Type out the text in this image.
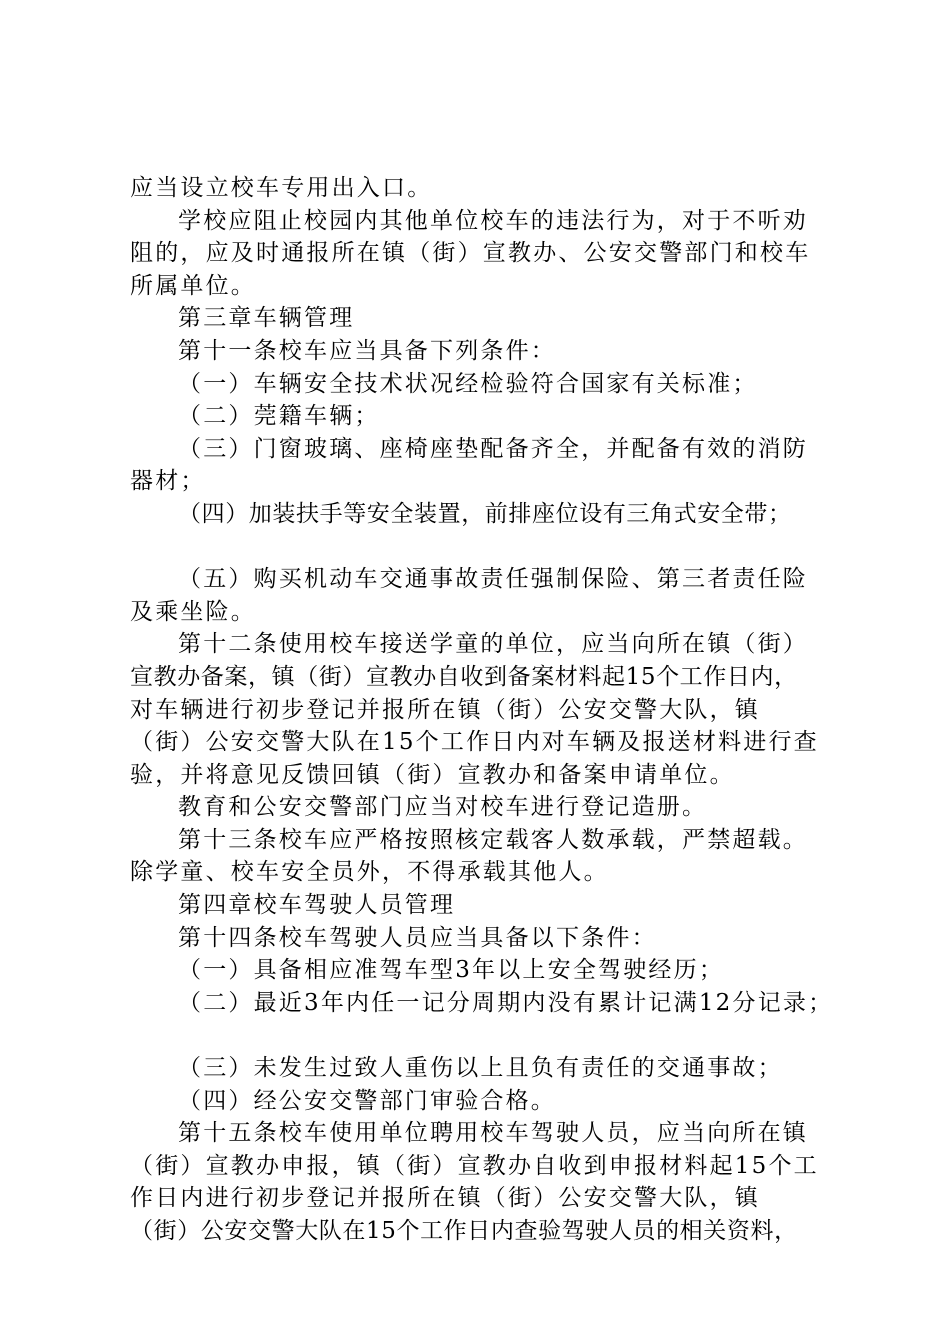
应当设立校车专用出入口。
学校应阻止校园内其他单位校车的违法行为，对于不听劝
阻的，应及时通报所在镇（街）宣教办、公安交警部门和校车
所属单位。
第三章车辆管理
第十一条校车应当具备下列条件：
（一）车辆安全技术状况经检验符合国家有关标准；
（二）莞籍车辆；
（三）门窗玻璃、座椅座垫配备齐全，并配备有效的消防
器材；
（四）加装扶手等安全装置，前排座位设有三角式安全带；
（五）购买机动车交通事故责任强制保险、第三者责任险
及乘坐险。
第十二条使用校车接送学童的单位，应当向所在镇（街）
宣教办备案，镇（街）宣教办自收到备案材料起15个工作日内，
对车辆进行初步登记并报所在镇（街）公安交警大队，镇
（街）公安交警大队在15个工作日内对车辆及报送材料进行查
验，并将意见反馈回镇（街）宣教办和备案申请单位。
教育和公安交警部门应当对校车进行登记造册。
第十三条校车应严格按照核定载客人数承载，严禁超载。
除学童、校车安全员外，不得承载其他人。
第四章校车驾驶人员管理
第十四条校车驾驶人员应当具备以下条件：
（一）具备相应准驾车型3年以上安全驾驶经历；
（二）最近3年内任一记分周期内没有累计记满12分记录；
（三）未发生过致人重伤以上且负有责任的交通事故；
（四）经公安交警部门审验合格。
第十五条校车使用单位聘用校车驾驶人员，应当向所在镇
（街）宣教办申报，镇（街）宣教办自收到申报材料起15个工
作日内进行初步登记并报所在镇（街）公安交警大队，镇
（街）公安交警大队在15个工作日内查验驾驶人员的相关资料，
